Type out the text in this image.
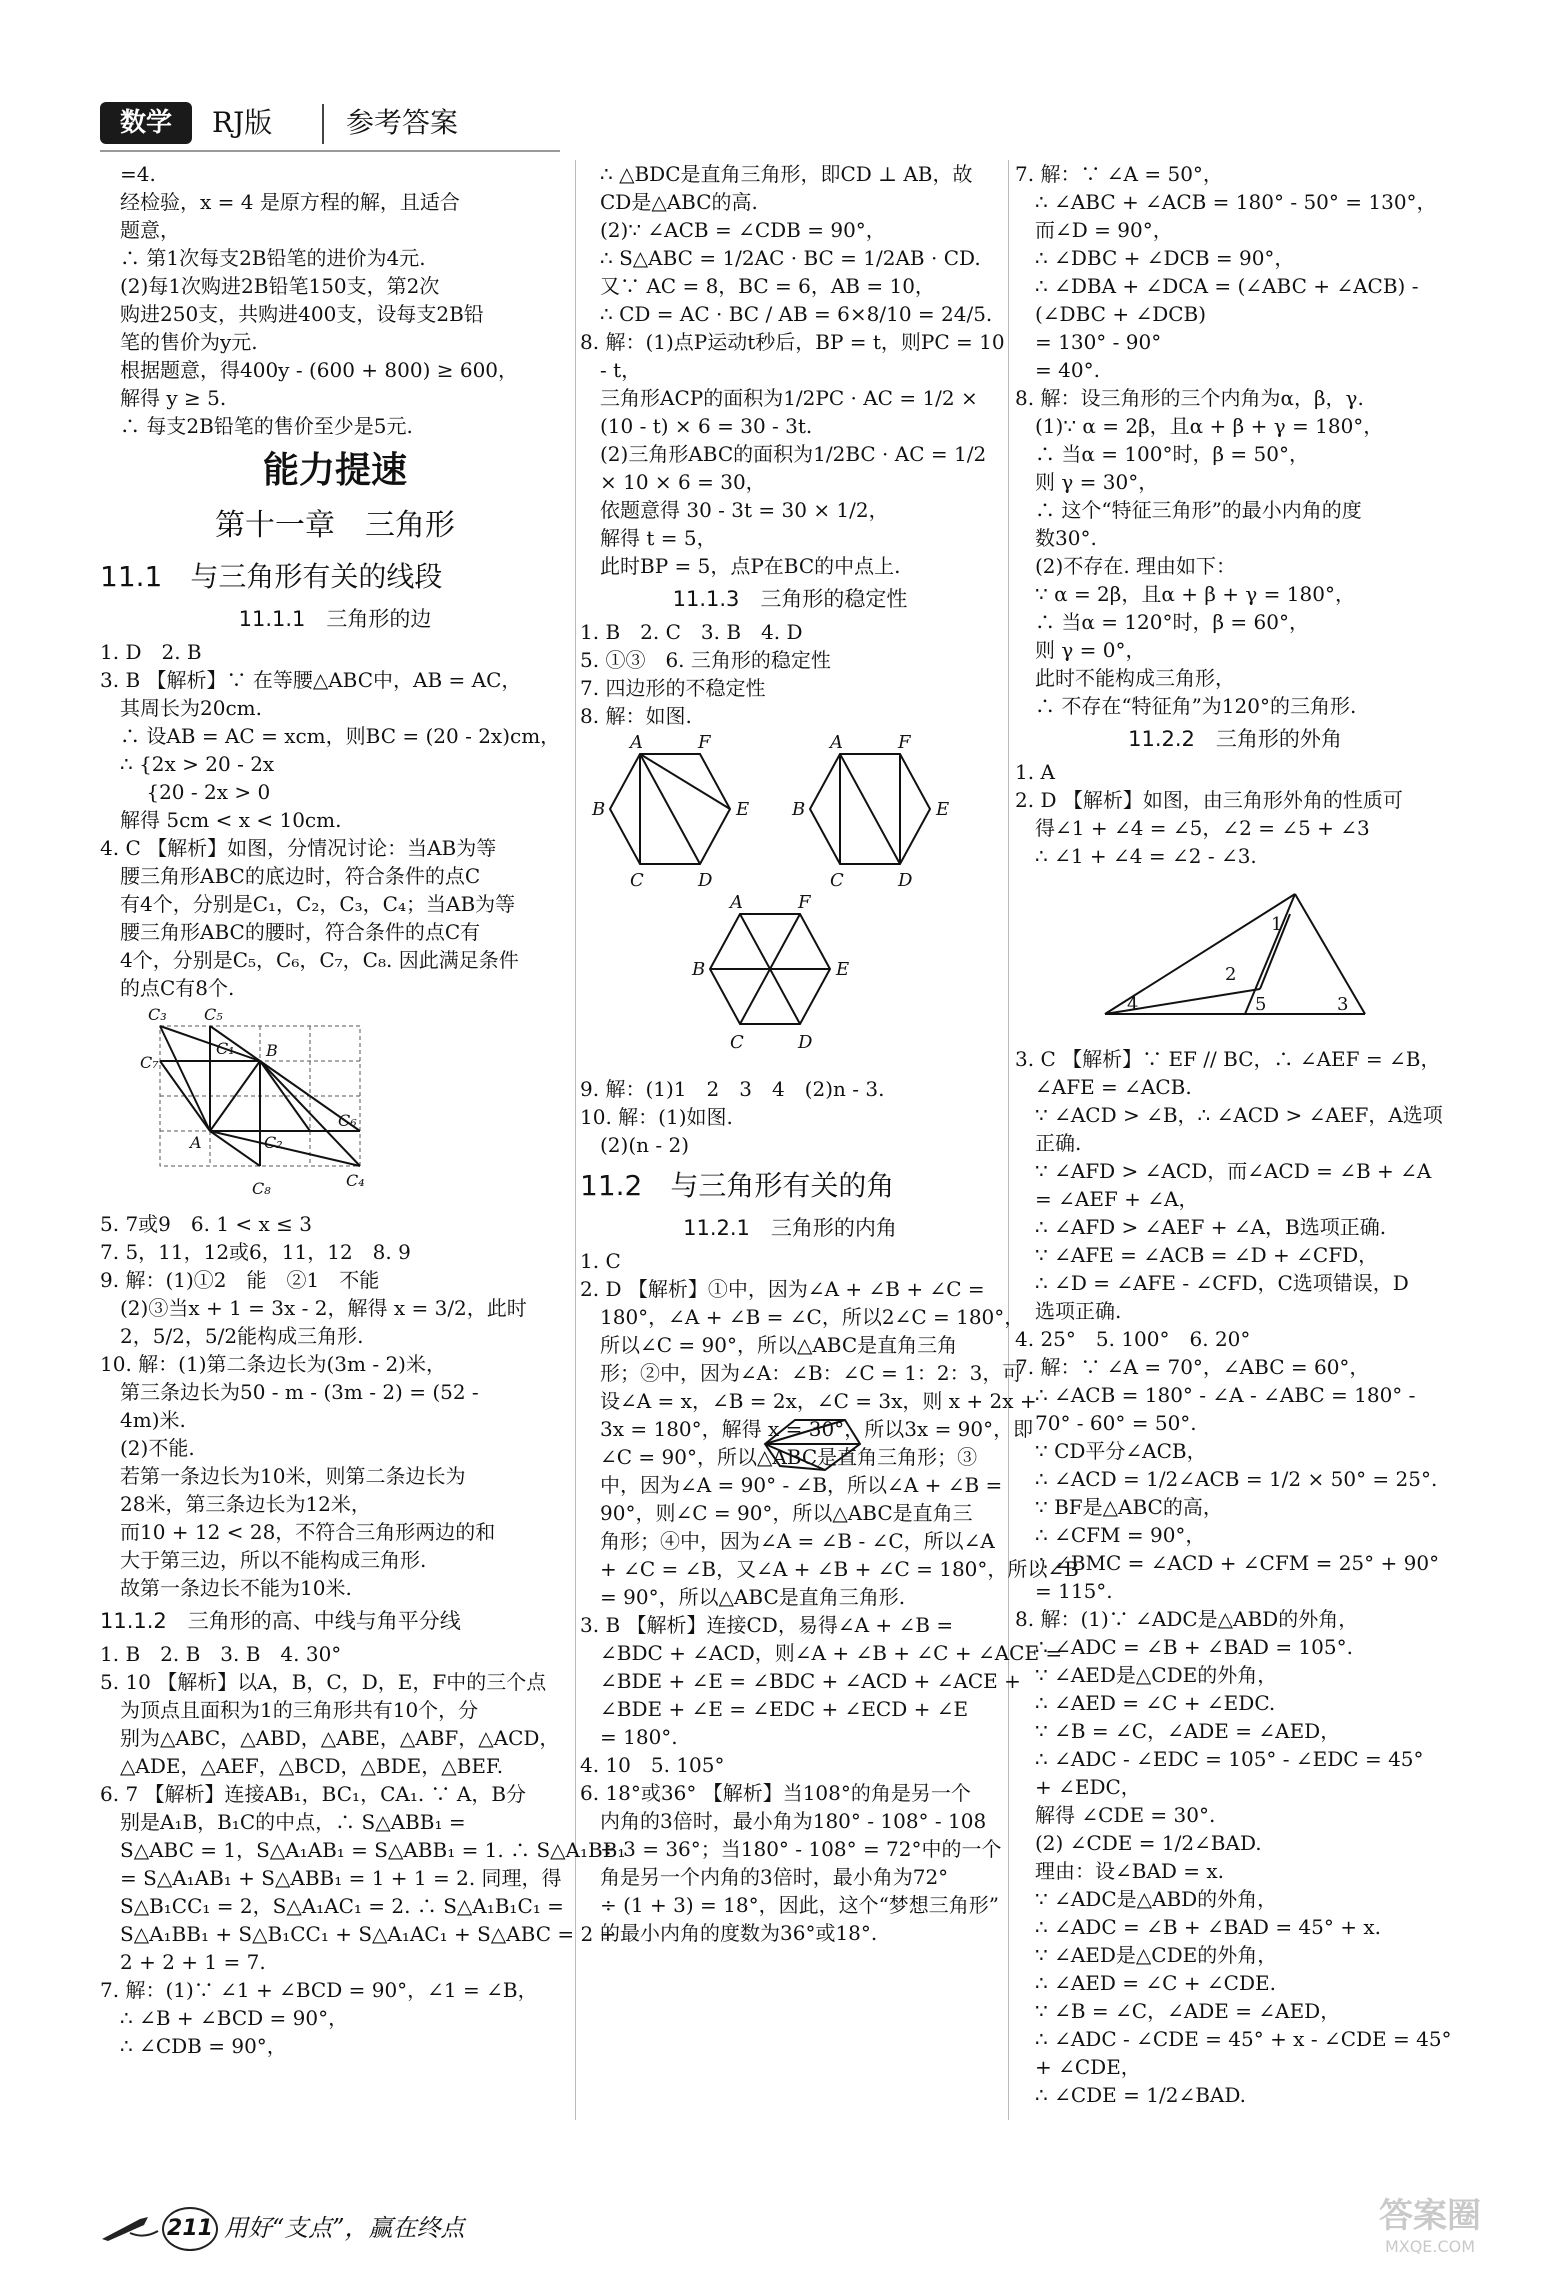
数学	RJ版	参考答案
=4.
经检验，x = 4 是原方程的解，且适合
题意，
∴ 第1次每支2B铅笔的进价为4元.
(2)每1次购进2B铅笔150支，第2次
购进250支，共购进400支，设每支2B铅
笔的售价为y元.
根据题意，得400y - (600 + 800) ≥ 600，
解得 y ≥ 5.
∴ 每支2B铅笔的售价至少是5元.
能力提速
第十一章　三角形
11.1　与三角形有关的线段
11.1.1　三角形的边
1. D　2. B
3. B 【解析】∵ 在等腰△ABC中，AB = AC，
其周长为20cm.
∴ 设AB = AC = xcm，则BC = (20 - 2x)cm，
∴ {2x > 20 - 2x
　 {20 - 2x > 0
解得 5cm < x < 10cm.
4. C 【解析】如图，分情况讨论：当AB为等
腰三角形ABC的底边时，符合条件的点C
有4个，分别是C₁，C₂，C₃，C₄；当AB为等
腰三角形ABC的腰时，符合条件的点C有
4个，分别是C₅，C₆，C₇，C₈. 因此满足条件
的点C有8个.
C₃ C₅
C₁ B
C₇
C₆
A	C₂
C₄
C₈
5. 7或9　6. 1 < x ≤ 3
7. 5，11，12或6，11，12　8. 9
9. 解：(1)①2　能　②1　不能
(2)③当x + 1 = 3x - 2，解得 x = 3/2，此时
2，5/2，5/2能构成三角形.
10. 解：(1)第二条边长为(3m - 2)米，
第三条边长为50 - m - (3m - 2) = (52 -
4m)米.
(2)不能.
若第一条边长为10米，则第二条边长为
28米，第三条边长为12米，
而10 + 12 < 28，不符合三角形两边的和
大于第三边，所以不能构成三角形.
故第一条边长不能为10米.
11.1.2　三角形的高、中线与角平分线
1. B　2. B　3. B　4. 30°
5. 10 【解析】以A，B，C，D，E，F中的三个点
为顶点且面积为1的三角形共有10个，分
别为△ABC，△ABD，△ABE，△ABF，△ACD，
△ADE，△AEF，△BCD，△BDE，△BEF.
6. 7 【解析】连接AB₁，BC₁，CA₁. ∵ A，B分
别是A₁B，B₁C的中点，∴ S△ABB₁ =
S△ABC = 1，S△A₁AB₁ = S△ABB₁ = 1. ∴ S△A₁BB₁
= S△A₁AB₁ + S△ABB₁ = 1 + 1 = 2. 同理，得
S△B₁CC₁ = 2，S△A₁AC₁ = 2. ∴ S△A₁B₁C₁ =
S△A₁BB₁ + S△B₁CC₁ + S△A₁AC₁ + S△ABC = 2 +
2 + 2 + 1 = 7.
7. 解：(1)∵ ∠1 + ∠BCD = 90°，∠1 = ∠B，
∴ ∠B + ∠BCD = 90°，
∴ ∠CDB = 90°，
∴ △BDC是直角三角形，即CD ⊥ AB，故
CD是△ABC的高.
(2)∵ ∠ACB = ∠CDB = 90°，
∴ S△ABC = 1/2AC · BC = 1/2AB · CD.
又∵ AC = 8，BC = 6，AB = 10，
∴ CD = AC · BC / AB = 6×8/10 = 24/5.
8. 解：(1)点P运动t秒后，BP = t，则PC = 10
- t，
三角形ACP的面积为1/2PC · AC = 1/2 ×
(10 - t) × 6 = 30 - 3t.
(2)三角形ABC的面积为1/2BC · AC = 1/2
× 10 × 6 = 30，
依题意得 30 - 3t = 30 × 1/2，
解得 t = 5，
此时BP = 5，点P在BC的中点上.
11.1.3　三角形的稳定性
1. B　2. C　3. B　4. D
5. ①③　6. 三角形的稳定性
7. 四边形的不稳定性
8. 解：如图.
A	F
B	E
C	D
A	F
B	E
C	D
A	F
B	E
C	D
9. 解：(1)1　2　3　4　(2)n - 3.
10. 解：(1)如图.
(2)(n - 2)
11.2　与三角形有关的角
11.2.1　三角形的内角
1. C
2. D 【解析】①中，因为∠A + ∠B + ∠C =
180°，∠A + ∠B = ∠C，所以2∠C = 180°，
所以∠C = 90°，所以△ABC是直角三角
形；②中，因为∠A：∠B：∠C = 1：2：3，可
设∠A = x，∠B = 2x，∠C = 3x，则 x + 2x +
3x = 180°，解得 x = 30°，所以3x = 90°，即
∠C = 90°，所以△ABC是直角三角形；③
中，因为∠A = 90° - ∠B，所以∠A + ∠B =
90°，则∠C = 90°，所以△ABC是直角三
角形；④中，因为∠A = ∠B - ∠C，所以∠A
+ ∠C = ∠B，又∠A + ∠B + ∠C = 180°，所以∠B
= 90°，所以△ABC是直角三角形.
3. B 【解析】连接CD，易得∠A + ∠B =
∠BDC + ∠ACD，则∠A + ∠B + ∠C + ∠ACE =
∠BDE + ∠E = ∠BDC + ∠ACD + ∠ACE +
∠BDE + ∠E = ∠EDC + ∠ECD + ∠E
= 180°.
4. 10　5. 105°
6. 18°或36° 【解析】当108°的角是另一个
内角的3倍时，最小角为180° - 108° - 108
÷ 3 = 36°；当180° - 108° = 72°中的一个
角是另一个内角的3倍时，最小角为72°
÷ (1 + 3) = 18°，因此，这个“梦想三角形”
的最小内角的度数为36°或18°.
7. 解：∵ ∠A = 50°，
∴ ∠ABC + ∠ACB = 180° - 50° = 130°，
而∠D = 90°，
∴ ∠DBC + ∠DCB = 90°，
∴ ∠DBA + ∠DCA = (∠ABC + ∠ACB) -
(∠DBC + ∠DCB)
= 130° - 90°
= 40°.
8. 解：设三角形的三个内角为α，β，γ.
(1)∵ α = 2β，且α + β + γ = 180°，
∴ 当α = 100°时，β = 50°，
则 γ = 30°，
∴ 这个“特征三角形”的最小内角的度
数30°.
(2)不存在. 理由如下：
∵ α = 2β，且α + β + γ = 180°，
∴ 当α = 120°时，β = 60°，
则 γ = 0°，
此时不能构成三角形，
∴ 不存在“特征角”为120°的三角形.
11.2.2　三角形的外角
1. A
2. D 【解析】如图，由三角形外角的性质可
得∠1 + ∠4 = ∠5，∠2 = ∠5 + ∠3
∴ ∠1 + ∠4 = ∠2 - ∠3.
1
2
3
4	5
3. C 【解析】∵ EF // BC，∴ ∠AEF = ∠B，
∠AFE = ∠ACB.
∵ ∠ACD > ∠B，∴ ∠ACD > ∠AEF，A选项
正确.
∵ ∠AFD > ∠ACD，而∠ACD = ∠B + ∠A
= ∠AEF + ∠A，
∴ ∠AFD > ∠AEF + ∠A，B选项正确.
∵ ∠AFE = ∠ACB = ∠D + ∠CFD，
∴ ∠D = ∠AFE - ∠CFD，C选项错误，D
选项正确.
4. 25°　5. 100°　6. 20°
7. 解：∵ ∠A = 70°，∠ABC = 60°，
∴ ∠ACB = 180° - ∠A - ∠ABC = 180° -
70° - 60° = 50°.
∵ CD平分∠ACB，
∴ ∠ACD = 1/2∠ACB = 1/2 × 50° = 25°.
∵ BF是△ABC的高，
∴ ∠CFM = 90°，
∴ ∠BMC = ∠ACD + ∠CFM = 25° + 90°
= 115°.
8. 解：(1)∵ ∠ADC是△ABD的外角，
∴ ∠ADC = ∠B + ∠BAD = 105°.
∵ ∠AED是△CDE的外角，
∴ ∠AED = ∠C + ∠EDC.
∵ ∠B = ∠C，∠ADE = ∠AED，
∴ ∠ADC - ∠EDC = 105° - ∠EDC = 45°
+ ∠EDC，
解得 ∠CDE = 30°.
(2) ∠CDE = 1/2∠BAD.
理由：设∠BAD = x.
∵ ∠ADC是△ABD的外角，
∴ ∠ADC = ∠B + ∠BAD = 45° + x.
∵ ∠AED是△CDE的外角，
∴ ∠AED = ∠C + ∠CDE.
∵ ∠B = ∠C，∠ADE = ∠AED，
∴ ∠ADC - ∠CDE = 45° + x - ∠CDE = 45°
+ ∠CDE，
∴ ∠CDE = 1/2∠BAD.
211 用好“支点”，赢在终点	答案圈
MXQE.COM
